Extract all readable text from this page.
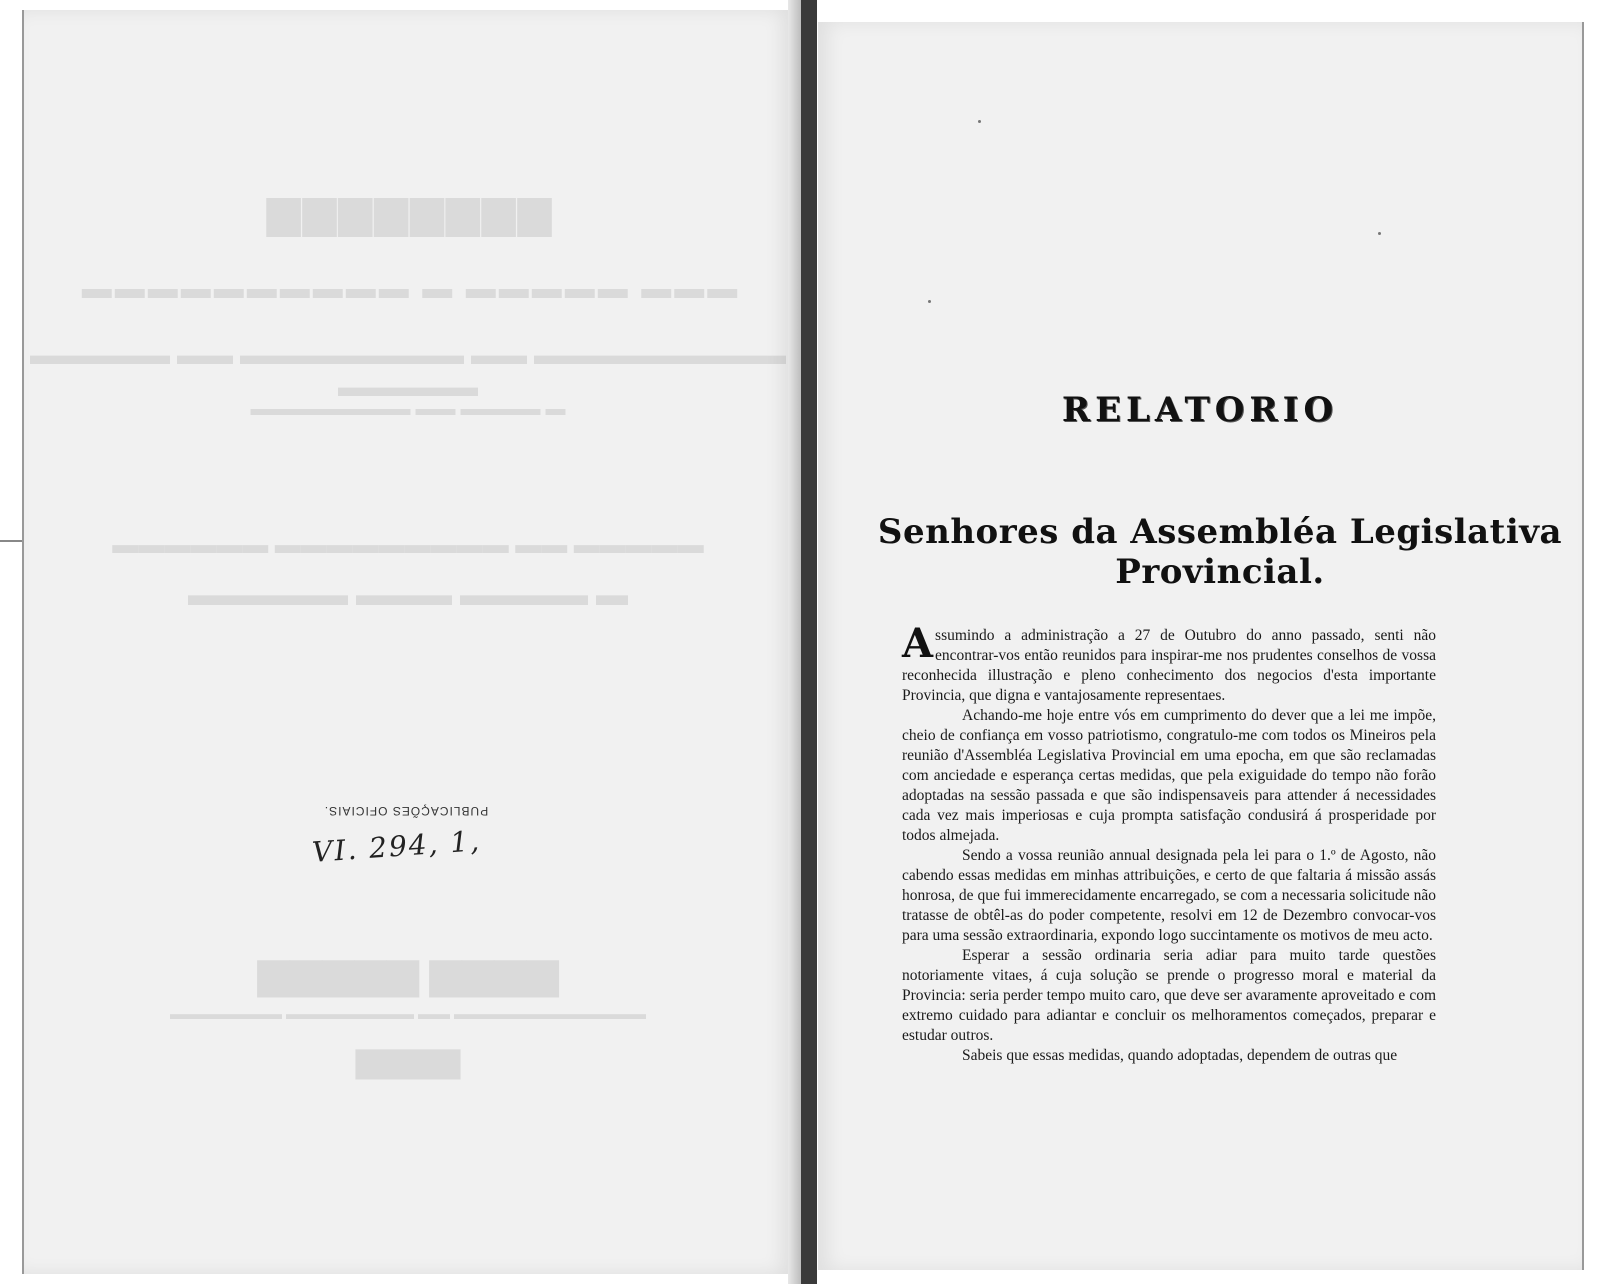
▆▆▆▆▆▆▆▆
▬▬▬ ▬▬▬▬▬ ▬ ▬▬▬▬▬▬▬▬▬▬
▬▬▬▬▬▬▬▬▬ ▬▬ ▬▬▬▬▬▬▬▬ ▬▬ ▬▬▬▬▬ ▬▬▬▬▬
▬ ▬▬▬▬ ▬▬ ▬▬▬▬▬▬▬▬
▬▬▬▬▬ ▬▬ ▬▬▬▬▬▬▬▬▬ ▬▬▬▬▬▬
▬ ▬▬▬▬ ▬▬▬ ▬▬▬▬▬
▆▆▆▆ ▆▆▆▆▆
▬▬▬▬▬▬▬▬▬▬▬▬ ▬▬ ▬▬▬▬▬▬▬▬ ▬▬▬▬▬▬▬
▆▆▆▆
PUBLICAÇÕES OFICIAIS.
VI. 294, 1,
RELATORIO
Senhores da Assembléa Legislativa Provincial.

Assumindo a administração a 27 de Outubro do anno passado, senti não encontrar-vos então reunidos para inspirar-me nos prudentes conselhos de vossa reconhecida illustração e pleno conhecimento dos negocios d'esta importante Provincia, que digna e vantajosamente representaes.

Achando-me hoje entre vós em cumprimento do dever que a lei me impõe, cheio de confiança em vosso patriotismo, congratulo-me com todos os Mineiros pela reunião d'Assembléa Legislativa Provincial em uma epocha, em que são reclamadas com anciedade e esperança certas medidas, que pela exiguidade do tempo não forão adoptadas na sessão passada e que são indispensaveis para attender á necessidades cada vez mais imperiosas e cuja prompta satisfação condusirá á prosperidade por todos almejada.

Sendo a vossa reunião annual designada pela lei para o 1.º de Agosto, não cabendo essas medidas em minhas attribuições, e certo de que faltaria á missão assás honrosa, de que fui immerecidamente encarregado, se com a necessaria solicitude não tratasse de obtêl-as do poder competente, resolvi em 12 de Dezembro convocar-vos para uma sessão extraordinaria, expondo logo succintamente os motivos de meu acto.

Esperar a sessão ordinaria seria adiar para muito tarde questões notoriamente vitaes, á cuja solução se prende o progresso moral e material da Provincia: seria perder tempo muito caro, que deve ser avaramente aproveitado e com extremo cuidado para adiantar e concluir os melhoramentos começados, preparar e estudar outros.

Sabeis que essas medidas, quando adoptadas, dependem de outras que
